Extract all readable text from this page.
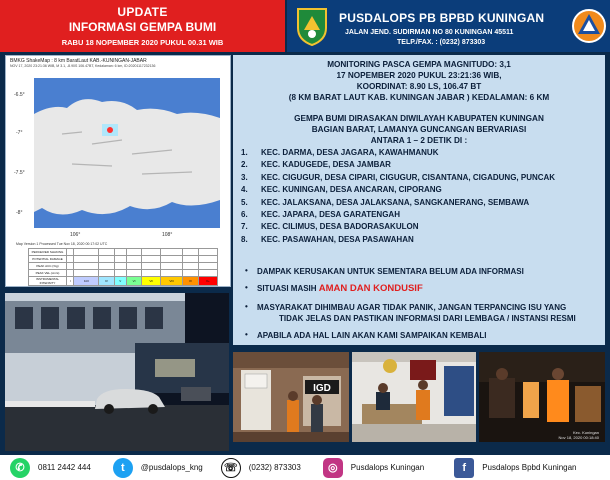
UPDATE
INFORMASI GEMPA BUMI
RABU 18 NOPEMBER 2020 PUKUL 00.31 WIB
PUSDALOPS PB BPBD KUNINGAN
JALAN JEND. SUDIRMAN NO 80 KUNINGAN 45511
TELP./FAX. : (0232) 873303
BMKG ShakeMap : 8 km BaratLaut KAB.-KUNINGAN-JABAR
NOV 17, 2020 23:21:36 WIB, M 3.1, -8.90S 106.47BT, Kedalaman: 6 km, ID:20201117232136
-6.5°
-7°
-7.5°
-8°
106°	108°
Map Version 1 Processed Tue Nov 18, 2020 00:17:02 UTC
PERCEIVED SHAKING									
POTENTIAL DAMAGE									
PEAK ACC.(%g)									
PEAK VEL.(cm/s)									
INSTRUMENTAL INTENSITY	I	II-III	IV	V	VI	VII	VIII	IX	X+
MONITORING PASCA GEMPA MAGNITUDO: 3,1
17 NOPEMBER 2020 PUKUL 23:21:36 WIB,
KOORDINAT: 8.90 LS, 106.47 BT
(8 KM BARAT LAUT KAB. KUNINGAN JABAR ) KEDALAMAN: 6 KM
GEMPA BUMI DIRASAKAN DIWILAYAH KABUPATEN KUNINGAN
BAGIAN BARAT, LAMANYA GUNCANGAN BERVARIASI
ANTARA 1 – 2 DETIK DI :
1.	KEC. DARMA, DESA JAGARA, KAWAHMANUK
2.	KEC. KADUGEDE, DESA JAMBAR
3.	KEC. CIGUGUR, DESA CIPARI, CIGUGUR, CISANTANA, CIGADUNG, PUNCAK
4.	KEC. KUNINGAN, DESA ANCARAN, CIPORANG
5.	KEC. JALAKSANA, DESA JALAKSANA, SANGKANERANG, SEMBAWA
6.	KEC. JAPARA, DESA GARATENGAH
7.	KEC. CILIMUS, DESA BADORASAKULON
8.	KEC. PASAWAHAN, DESA PASAWAHAN
•	DAMPAK KERUSAKAN UNTUK SEMENTARA BELUM ADA INFORMASI
•	SITUASI MASIH AMAN DAN KONDUSIF
•	MASYARAKAT DIHIMBAU AGAR TIDAK PANIK, JANGAN TERPANCING ISU YANG
TIDAK JELAS DAN PASTIKAN INFORMASI DARI LEMBAGA / INSTANSI RESMI
•	APABILA ADA HAL LAIN AKAN KAMI SAMPAIKAN KEMBALI
IGD
Kec. Kuningan
Nov 18, 2020 00:18:40
✆	0811 2442 444	t	@pusdalops_kng ☏	(0232) 873303	◎	Pusdalops Kuningan	f	Pusdalops Bpbd Kuningan
